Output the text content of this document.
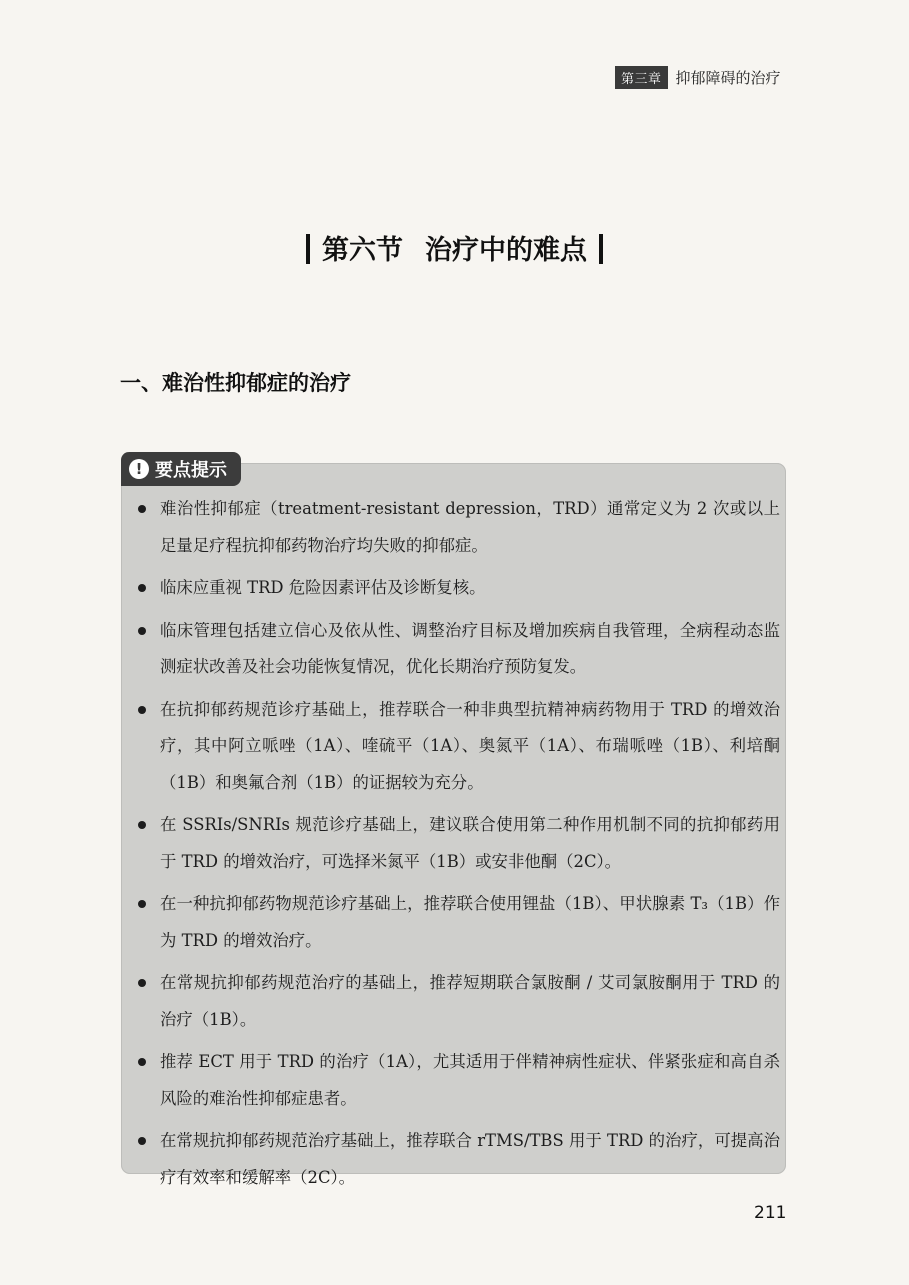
第三章 抑郁障碍的治疗
第六节 治疗中的难点
一、难治性抑郁症的治疗
! 要点提示
难治性抑郁症（treatment-resistant depression，TRD）通常定义为 2 次或以上足量足疗程抗抑郁药物治疗均失败的抑郁症。
临床应重视 TRD 危险因素评估及诊断复核。
临床管理包括建立信心及依从性、调整治疗目标及增加疾病自我管理，全病程动态监测症状改善及社会功能恢复情况，优化长期治疗预防复发。
在抗抑郁药规范诊疗基础上，推荐联合一种非典型抗精神病药物用于 TRD 的增效治疗，其中阿立哌唑（1A）、喹硫平（1A）、奥氮平（1A）、布瑞哌唑（1B）、利培酮（1B）和奥氟合剂（1B）的证据较为充分。
在 SSRIs/SNRIs 规范诊疗基础上，建议联合使用第二种作用机制不同的抗抑郁药用于 TRD 的增效治疗，可选择米氮平（1B）或安非他酮（2C）。
在一种抗抑郁药物规范诊疗基础上，推荐联合使用锂盐（1B）、甲状腺素 T₃（1B）作为 TRD 的增效治疗。
在常规抗抑郁药规范治疗的基础上，推荐短期联合氯胺酮 / 艾司氯胺酮用于 TRD 的治疗（1B）。
推荐 ECT 用于 TRD 的治疗（1A），尤其适用于伴精神病性症状、伴紧张症和高自杀风险的难治性抑郁症患者。
在常规抗抑郁药规范治疗基础上，推荐联合 rTMS/TBS 用于 TRD 的治疗，可提高治疗有效率和缓解率（2C）。
211
